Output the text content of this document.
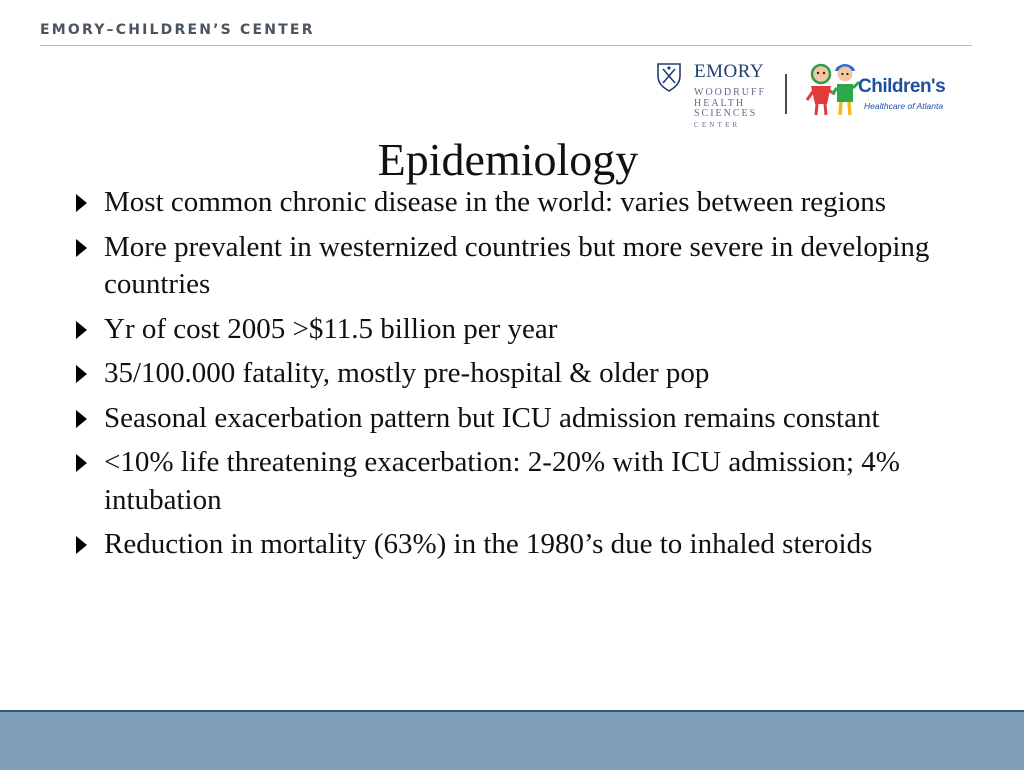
EMORY–CHILDREN’S CENTER
EMORY
WOODRUFF
HEALTH
SCIENCES
CENTER
Children's
Healthcare of Atlanta
Epidemiology
Most common chronic disease in the world: varies between regions
More prevalent in westernized countries but more severe in developing countries
Yr of cost 2005 >$11.5 billion per year
35/100.000 fatality, mostly pre-hospital & older pop
Seasonal exacerbation pattern but ICU admission remains constant
<10% life threatening exacerbation: 2-20% with ICU admission; 4% intubation
Reduction in mortality (63%) in the 1980’s due to inhaled steroids
